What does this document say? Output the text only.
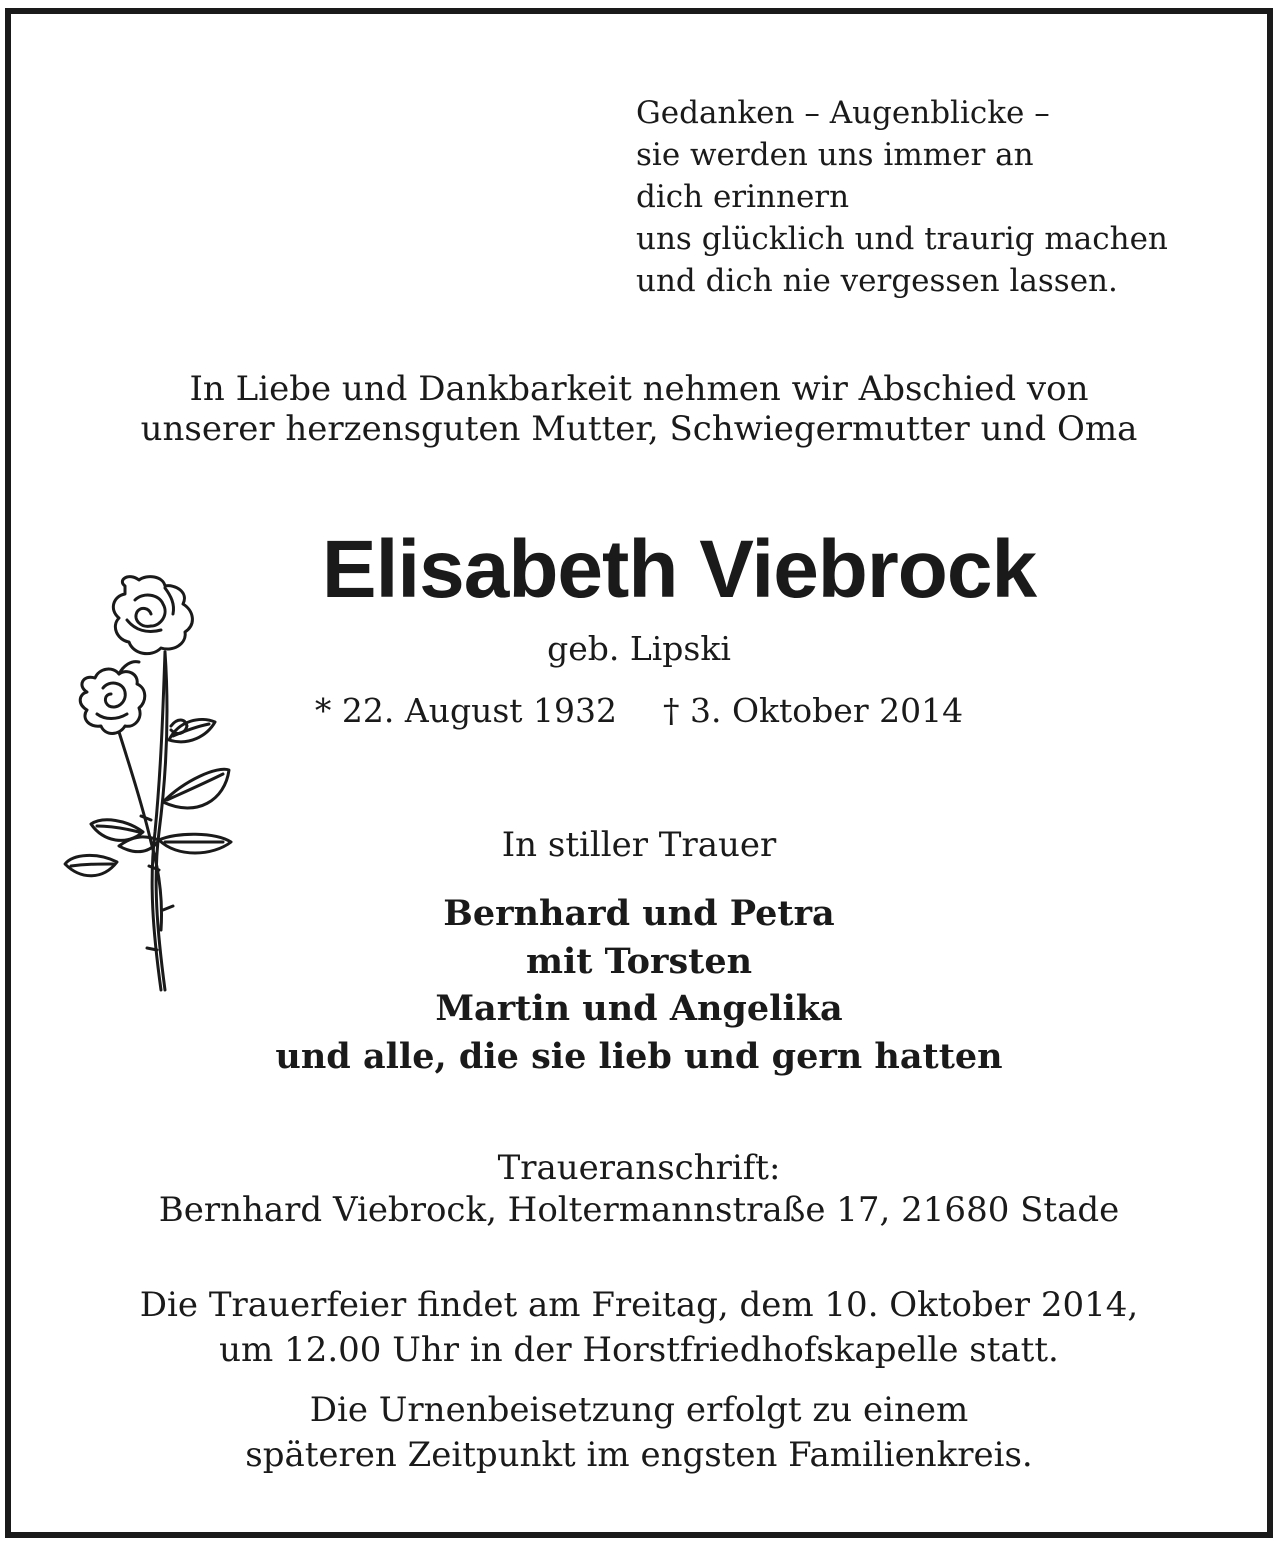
Gedanken – Augenblicke –
sie werden uns immer an
dich erinnern
uns glücklich und traurig machen
und dich nie vergessen lassen.
In Liebe und Dankbarkeit nehmen wir Abschied von
unserer herzensguten Mutter, Schwiegermutter und Oma
Elisabeth Viebrock
geb. Lipski
* 22. August 1932 † 3. Oktober 2014
In stiller Trauer
Bernhard und Petra
mit Torsten
Martin und Angelika
und alle, die sie lieb und gern hatten
Traueranschrift:
Bernhard Viebrock, Holtermannstraße 17, 21680 Stade
Die Trauerfeier findet am Freitag, dem 10. Oktober 2014,
um 12.00 Uhr in der Horstfriedhofskapelle statt.
Die Urnenbeisetzung erfolgt zu einem
späteren Zeitpunkt im engsten Familienkreis.
